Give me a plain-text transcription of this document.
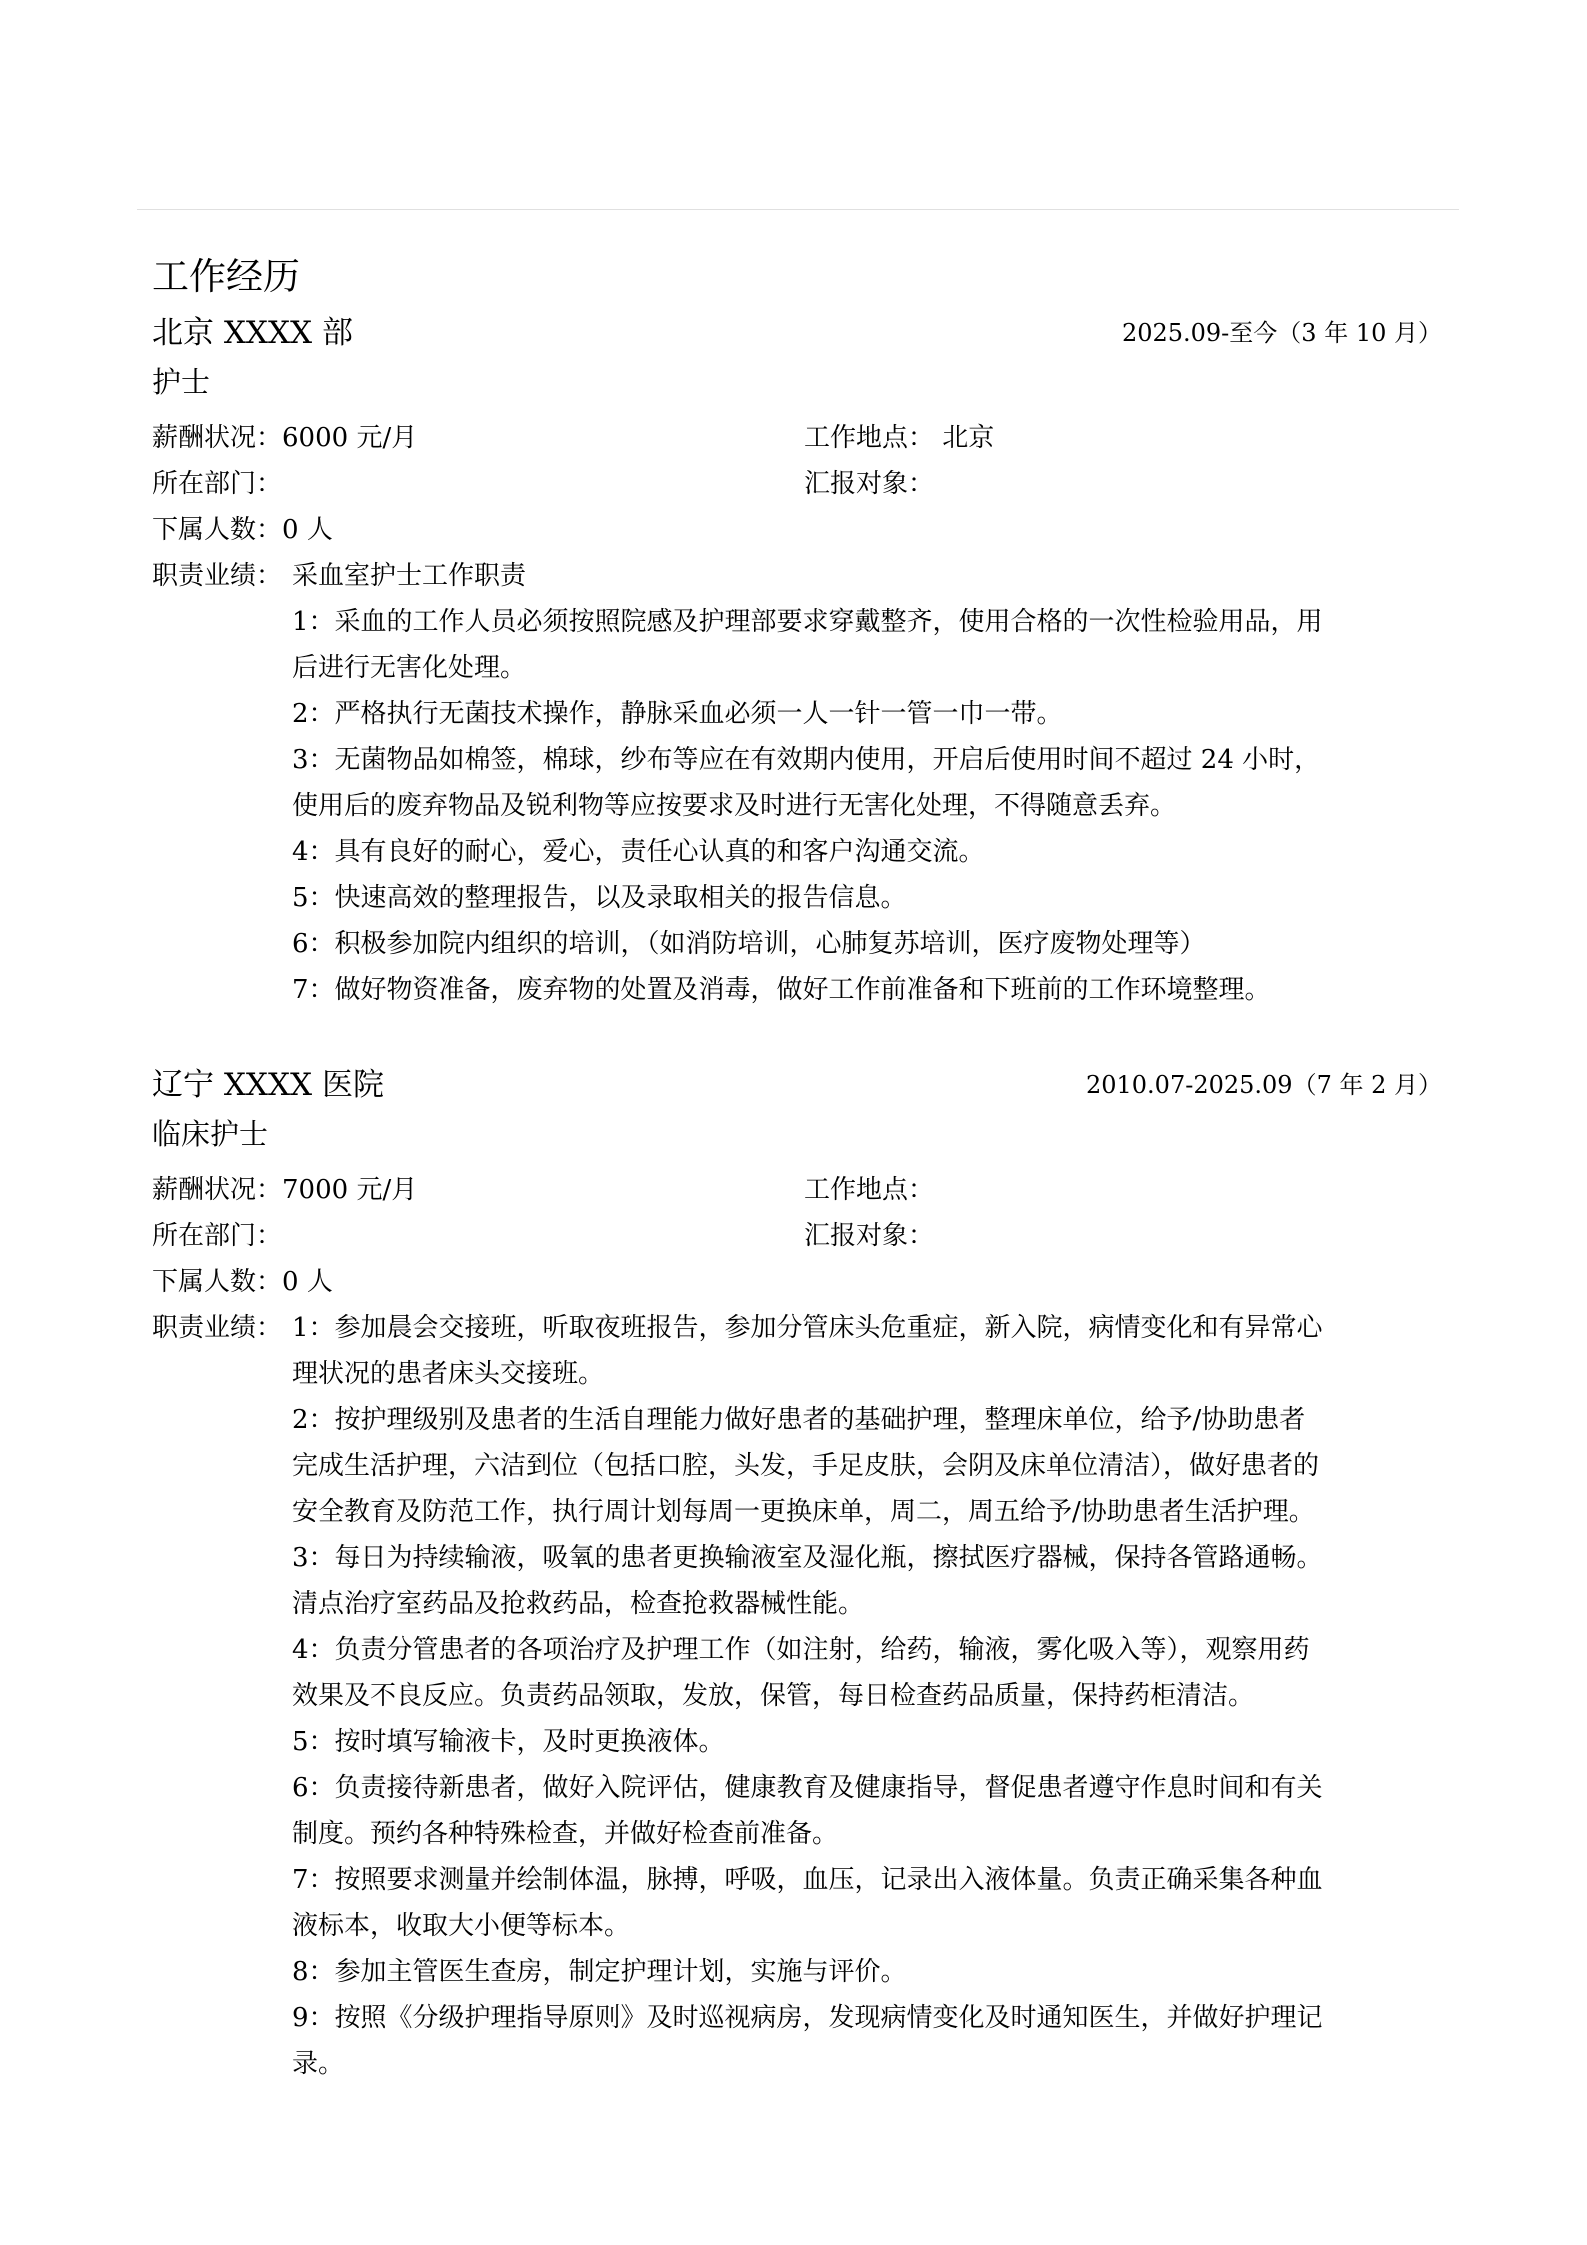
工作经历
北京 XXXX 部	2025.09-至今（3 年 10 月）
护士
薪酬状况：6000 元/月	工作地点： 北京
所在部门：	汇报对象：
下属人数：0 人
职责业绩： 采血室护士工作职责
1：采血的工作人员必须按照院感及护理部要求穿戴整齐，使用合格的一次性检验用品，用
后进行无害化处理。
2：严格执行无菌技术操作，静脉采血必须一人一针一管一巾一带。
3：无菌物品如棉签，棉球，纱布等应在有效期内使用，开启后使用时间不超过 24 小时，
使用后的废弃物品及锐利物等应按要求及时进行无害化处理，不得随意丢弃。
4：具有良好的耐心，爱心，责任心认真的和客户沟通交流。
5：快速高效的整理报告，以及录取相关的报告信息。
6：积极参加院内组织的培训，（如消防培训，心肺复苏培训，医疗废物处理等）
7：做好物资准备，废弃物的处置及消毒，做好工作前准备和下班前的工作环境整理。
辽宁 XXXX 医院	2010.07-2025.09（7 年 2 月）
临床护士
薪酬状况：7000 元/月	工作地点：
所在部门：	汇报对象：
下属人数：0 人
职责业绩： 1：参加晨会交接班，听取夜班报告，参加分管床头危重症，新入院，病情变化和有异常心
理状况的患者床头交接班。
2：按护理级别及患者的生活自理能力做好患者的基础护理，整理床单位，给予/协助患者
完成生活护理，六洁到位（包括口腔，头发，手足皮肤，会阴及床单位清洁），做好患者的
安全教育及防范工作，执行周计划每周一更换床单，周二，周五给予/协助患者生活护理。
3：每日为持续输液，吸氧的患者更换输液室及湿化瓶，擦拭医疗器械，保持各管路通畅。
清点治疗室药品及抢救药品，检查抢救器械性能。
4：负责分管患者的各项治疗及护理工作（如注射，给药，输液，雾化吸入等），观察用药
效果及不良反应。负责药品领取，发放，保管，每日检查药品质量，保持药柜清洁。
5：按时填写输液卡，及时更换液体。
6：负责接待新患者，做好入院评估，健康教育及健康指导，督促患者遵守作息时间和有关
制度。预约各种特殊检查，并做好检查前准备。
7：按照要求测量并绘制体温，脉搏，呼吸，血压，记录出入液体量。负责正确采集各种血
液标本，收取大小便等标本。
8：参加主管医生查房，制定护理计划，实施与评价。
9：按照《分级护理指导原则》及时巡视病房，发现病情变化及时通知医生，并做好护理记
录。
